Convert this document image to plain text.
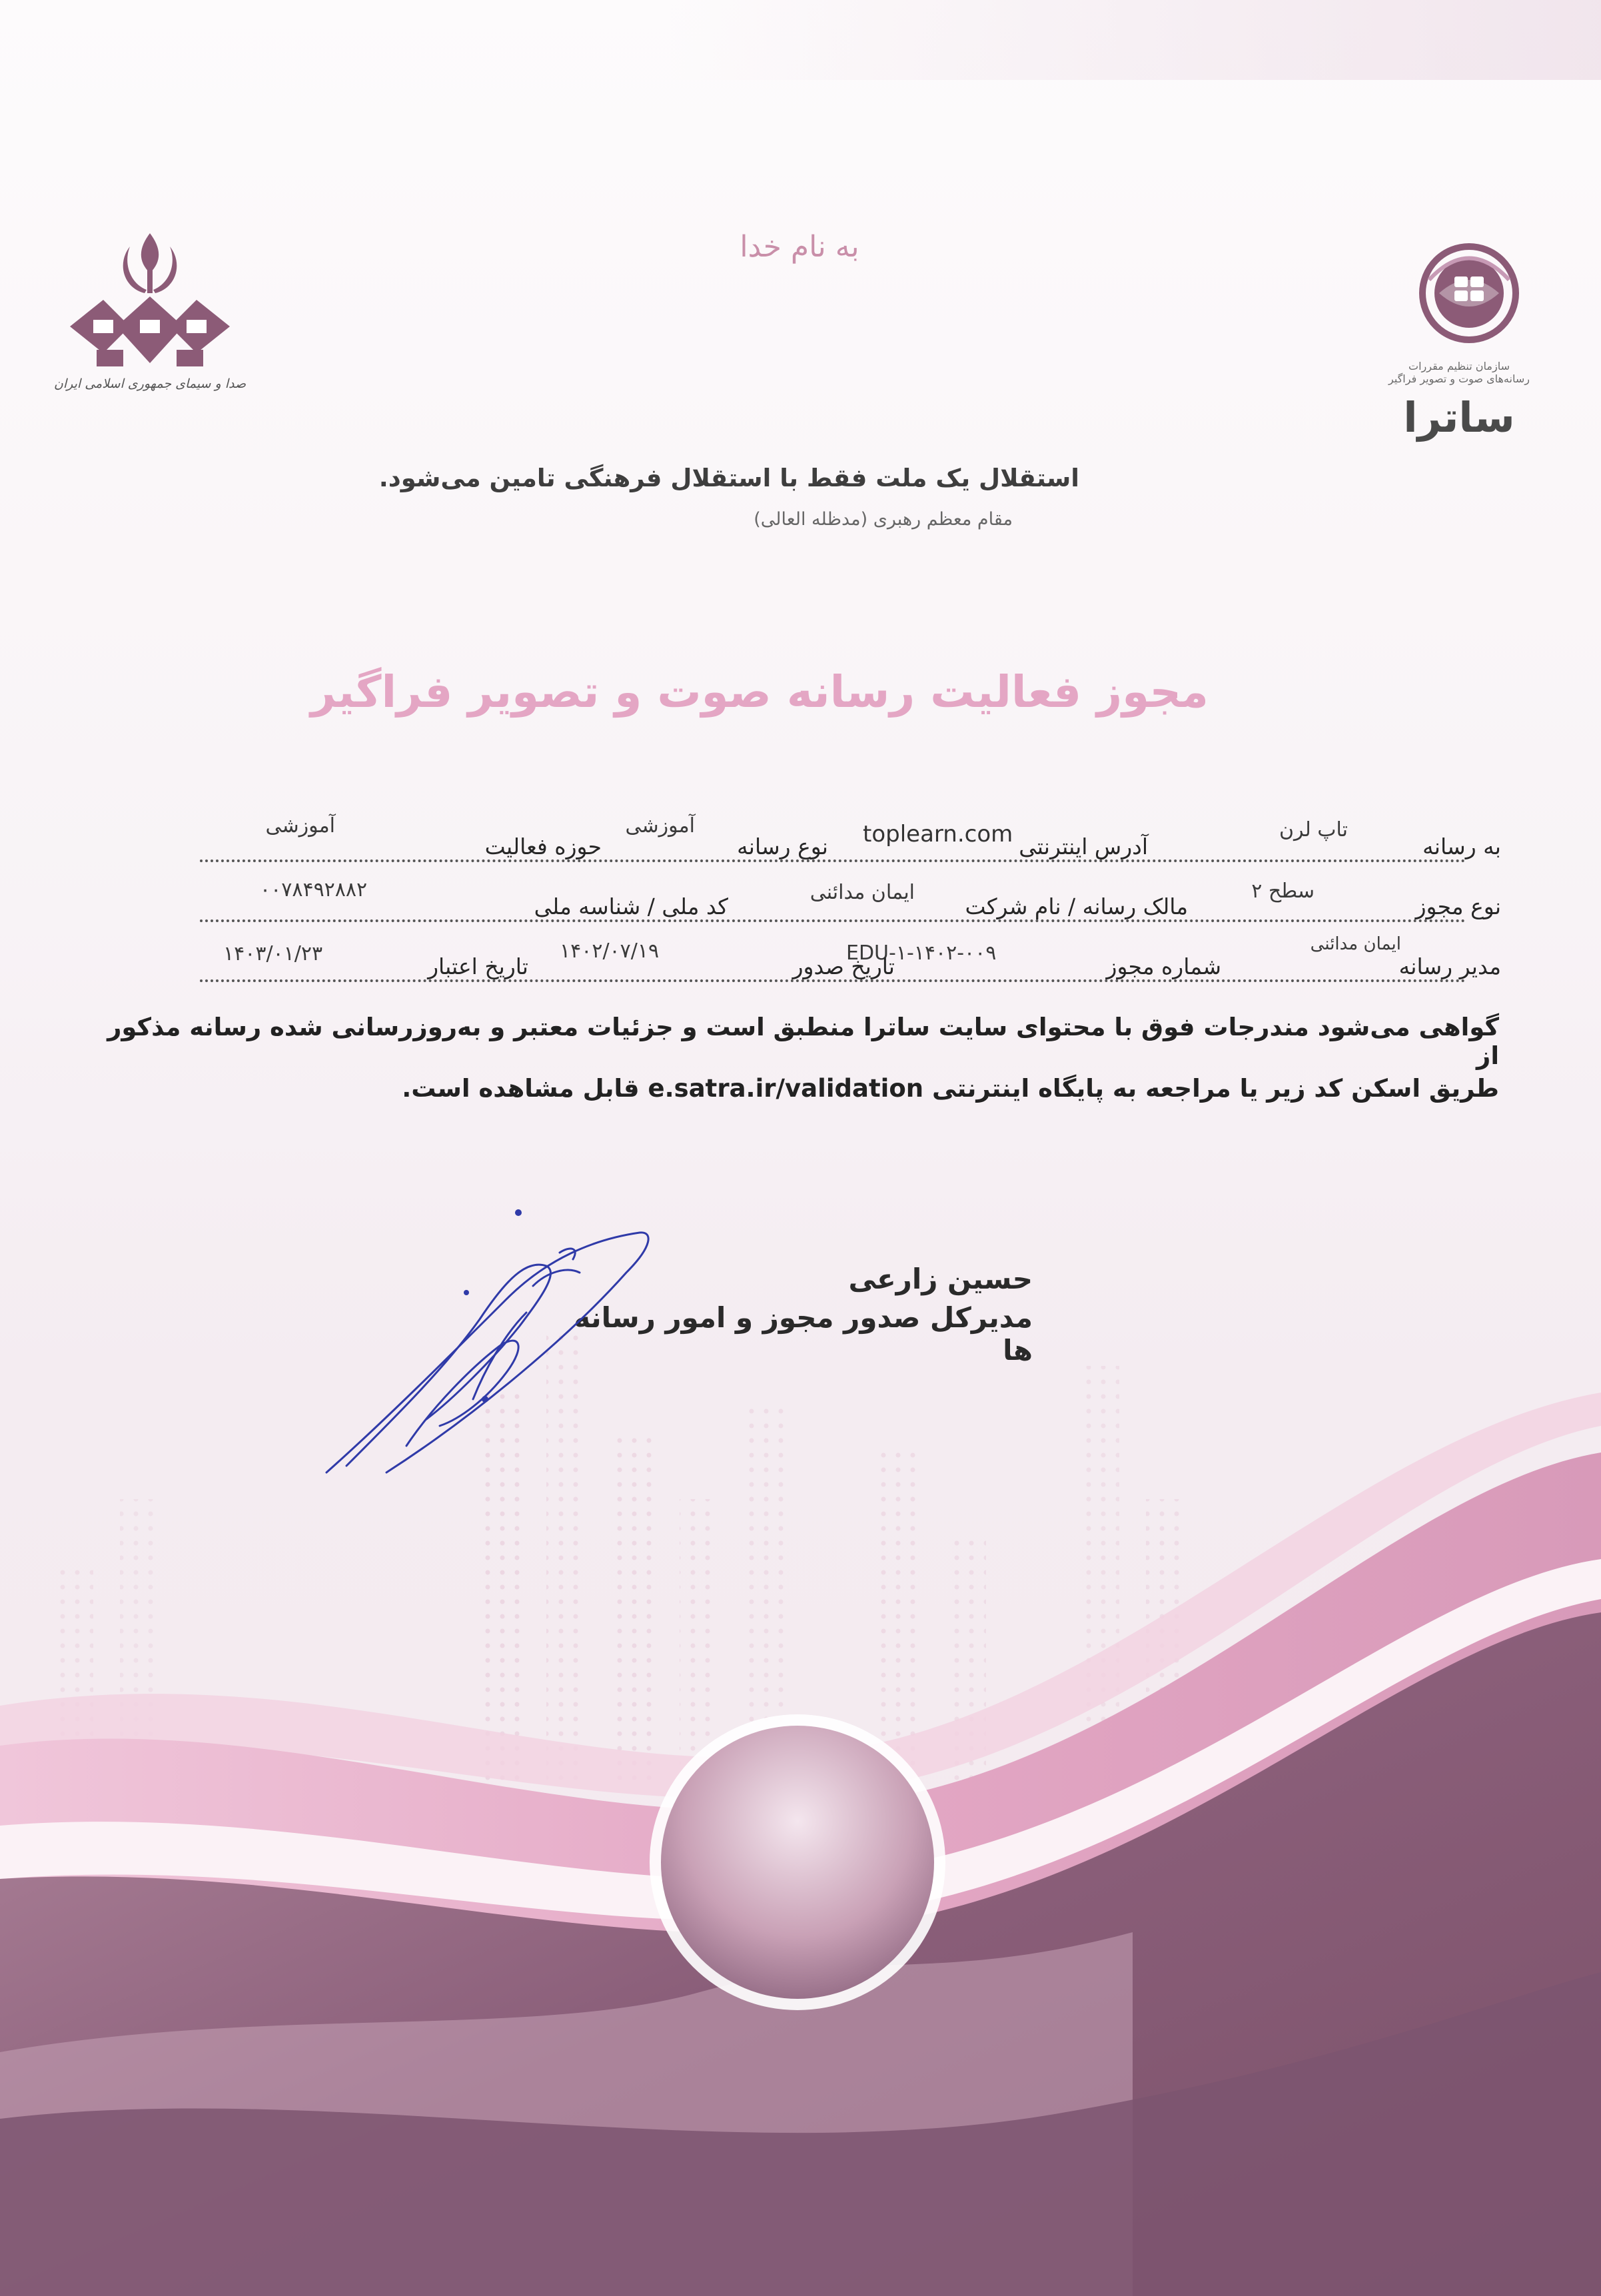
به نام خدا
سازمان تنظیم مقررات
رسانه‌های صوت و تصویر فراگیر
ساترا
صدا و سیمای جمهوری اسلامی ایران
استقلال یک ملت فقط با استقلال فرهنگی تامین می‌شود.
مقام معظم رهبری (مدظله العالی)
مجوز فعالیت رسانه صوت و تصویر فراگیر
به رسانه
تاپ لرن
آدرس اینترنتی
toplearn.com
نوع رسانه
آموزشی
حوزه فعالیت
آموزشی
نوع مجوز
سطح ۲
مالک رسانه / نام شرکت
ایمان مدائنی
کد ملی / شناسه ملی
۰۰۷۸۴۹۲۸۸۲
مدیر رسانه
ایمان مدائنی
شماره مجوز
EDU-۱-۱۴۰۲-۰۰۹
تاریخ صدور
۱۴۰۲/۰۷/۱۹
تاریخ اعتبار
۱۴۰۳/۰۱/۲۳
گواهی می‌شود مندرجات فوق با محتوای سایت ساترا منطبق است و جزئیات معتبر و به‌روزرسانی شده رسانه مذکور از
طریق اسکن کد زیر یا مراجعه به پایگاه اینترنتی e.satra.ir/validation قابل مشاهده است.
حسین زارعی
مدیرکل صدور مجوز و امور رسانه ها
